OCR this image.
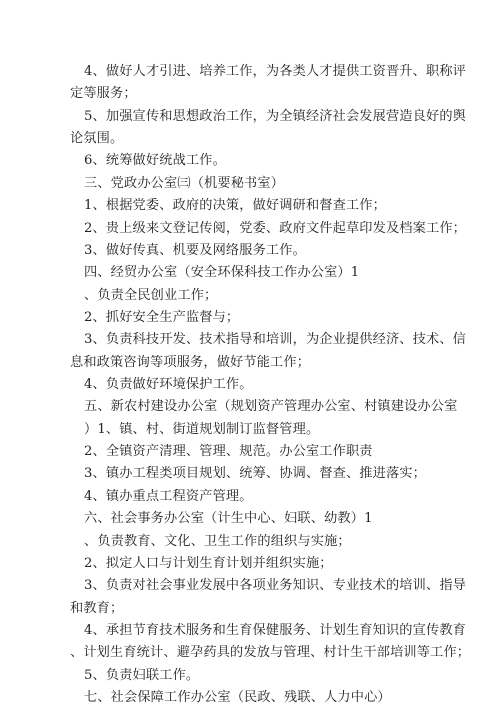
4、做好人才引进、培养工作，为各类人才提供工资晋升、职称评
定等服务；
5、加强宣传和思想政治工作，为全镇经济社会发展营造良好的舆
论氛围。
6、统筹做好统战工作。
三、党政办公室㈢（机要秘书室）
1、根据党委、政府的决策，做好调研和督查工作；
2、贵上级来文登记传阅，党委、政府文件起草印发及档案工作；
3、做好传真、机要及网络服务工作。
四、经贸办公室（安全环保科技工作办公室）1
、负责全民创业工作；
2、抓好安全生产监督与；
3、负责科技开发、技术指导和培训，为企业提供经济、技术、信
息和政策咨询等项服务，做好节能工作；
4、负责做好环境保护工作。
五、新农村建设办公室（规划资产管理办公室、村镇建设办公室
）1、镇、村、街道规划制订监督管理。
2、全镇资产清理、管理、规范。办公室工作职责
3、镇办工程类项目规划、统筹、协调、督查、推进落实；
4、镇办重点工程资产管理。
六、社会事务办公室（计生中心、妇联、幼教）1
、负责教育、文化、卫生工作的组织与实施；
2、拟定人口与计划生育计划并组织实施；
3、负责对社会事业发展中各项业务知识、专业技术的培训、指导
和教育；
4、承担节育技术服务和生育保健服务、计划生育知识的宣传教育
、计划生育统计、避孕药具的发放与管理、村计生干部培训等工作；
5、负责妇联工作。
七、社会保障工作办公室（民政、残联、人力中心）
